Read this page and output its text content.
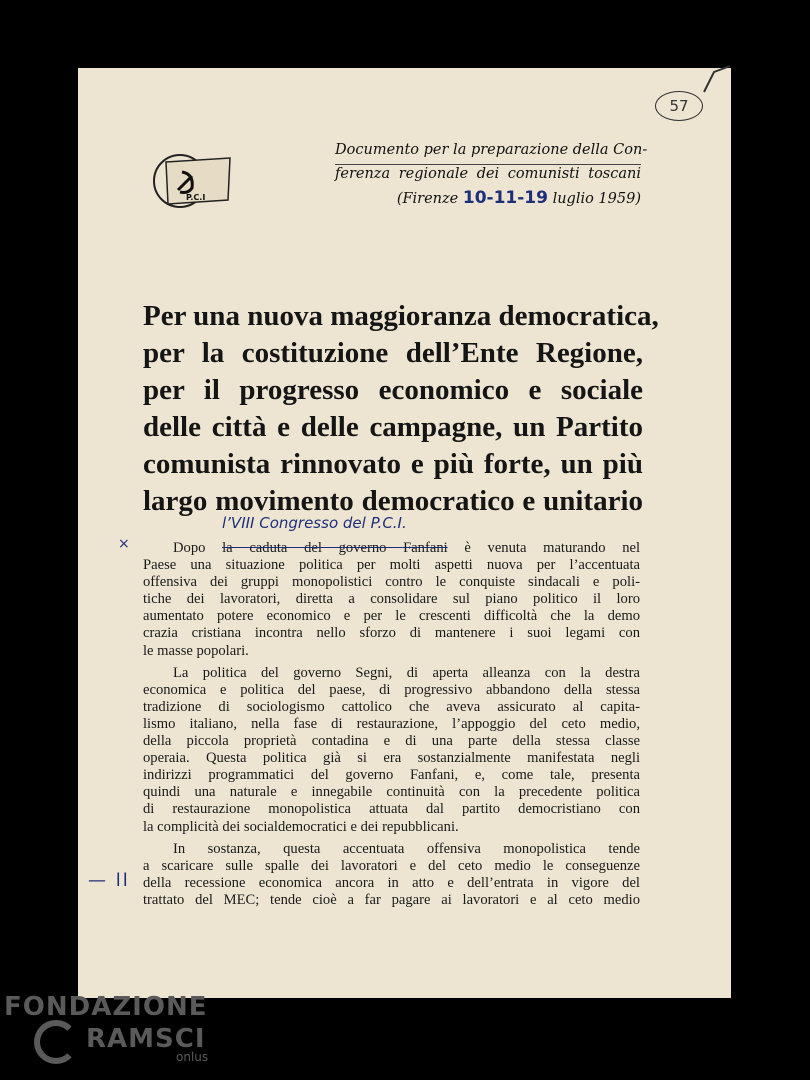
57
P.C.I
Documento per la preparazione della Con-
ferenza regionale dei comunisti toscani
(Firenze 10-11-19 luglio 1959)
Per una nuova maggioranza democratica,
per la costituzione dell’Ente Regione,
per il progresso economico e sociale
delle città e delle campagne, un Partito
comunista rinnovato e più forte, un più
largo movimento democratico e unitario
l’VIII Congresso del P.C.I.
×
— ll

Dopo la caduta del governo Fanfani è venuta maturando nel
Paese una situazione politica per molti aspetti nuova per l’accentuata
offensiva dei gruppi monopolistici contro le conquiste sindacali e poli-
tiche dei lavoratori, diretta a consolidare sul piano politico il loro
aumentato potere economico e per le crescenti difficoltà che la demo
crazia cristiana incontra nello sforzo di mantenere i suoi legami con
le masse popolari.

La politica del governo Segni, di aperta alleanza con la destra
economica e politica del paese, di progressivo abbandono della stessa
tradizione di sociologismo cattolico che aveva assicurato al capita-
lismo italiano, nella fase di restaurazione, l’appoggio del ceto medio,
della piccola proprietà contadina e di una parte della stessa classe
operaia. Questa politica già si era sostanzialmente manifestata negli
indirizzi programmatici del governo Fanfani, e, come tale, presenta
quindi una naturale e innegabile continuità con la precedente politica
di restaurazione monopolistica attuata dal partito democristiano con
la complicità dei socialdemocratici e dei repubblicani.

In sostanza, questa accentuata offensiva monopolistica tende
a scaricare sulle spalle dei lavoratori e del ceto medio le conseguenze
della recessione economica ancora in atto e dell’entrata in vigore del
trattato del MEC; tende cioè a far pagare ai lavoratori e al ceto medio

FONDAZIONE
RAMSCI
onlus
